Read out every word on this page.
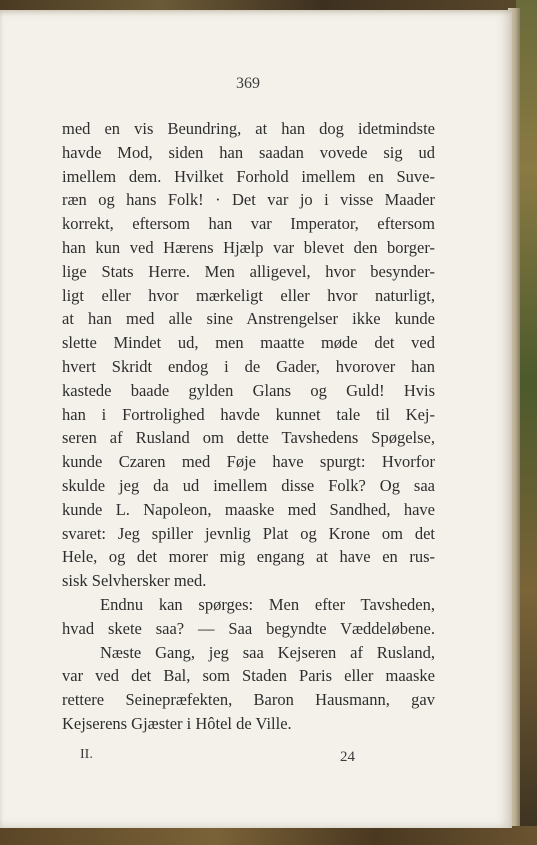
369
med en vis Beundring, at han dog idetmindste
havde Mod, siden han saadan vovede sig ud
imellem dem. Hvilket Forhold imellem en Suve-
ræn og hans Folk! · Det var jo i visse Maader
korrekt, eftersom han var Imperator, eftersom
han kun ved Hærens Hjælp var blevet den borger-
lige Stats Herre. Men alligevel, hvor besynder-
ligt eller hvor mærkeligt eller hvor naturligt,
at han med alle sine Anstrengelser ikke kunde
slette Mindet ud, men maatte møde det ved
hvert Skridt endog i de Gader, hvorover han
kastede baade gylden Glans og Guld! Hvis
han i Fortrolighed havde kunnet tale til Kej-
seren af Rusland om dette Tavshedens Spøgelse,
kunde Czaren med Føje have spurgt: Hvorfor
skulde jeg da ud imellem disse Folk? Og saa
kunde L. Napoleon, maaske med Sandhed, have
svaret: Jeg spiller jevnlig Plat og Krone om det
Hele, og det morer mig engang at have en rus-
sisk Selvhersker med.
Endnu kan spørges: Men efter Tavsheden,
hvad skete saa? — Saa begyndte Væddeløbene.
Næste Gang, jeg saa Kejseren af Rusland,
var ved det Bal, som Staden Paris eller maaske
rettere Seinepræfekten, Baron Hausmann, gav
Kejserens Gjæster i Hôtel de Ville.
II.	24
